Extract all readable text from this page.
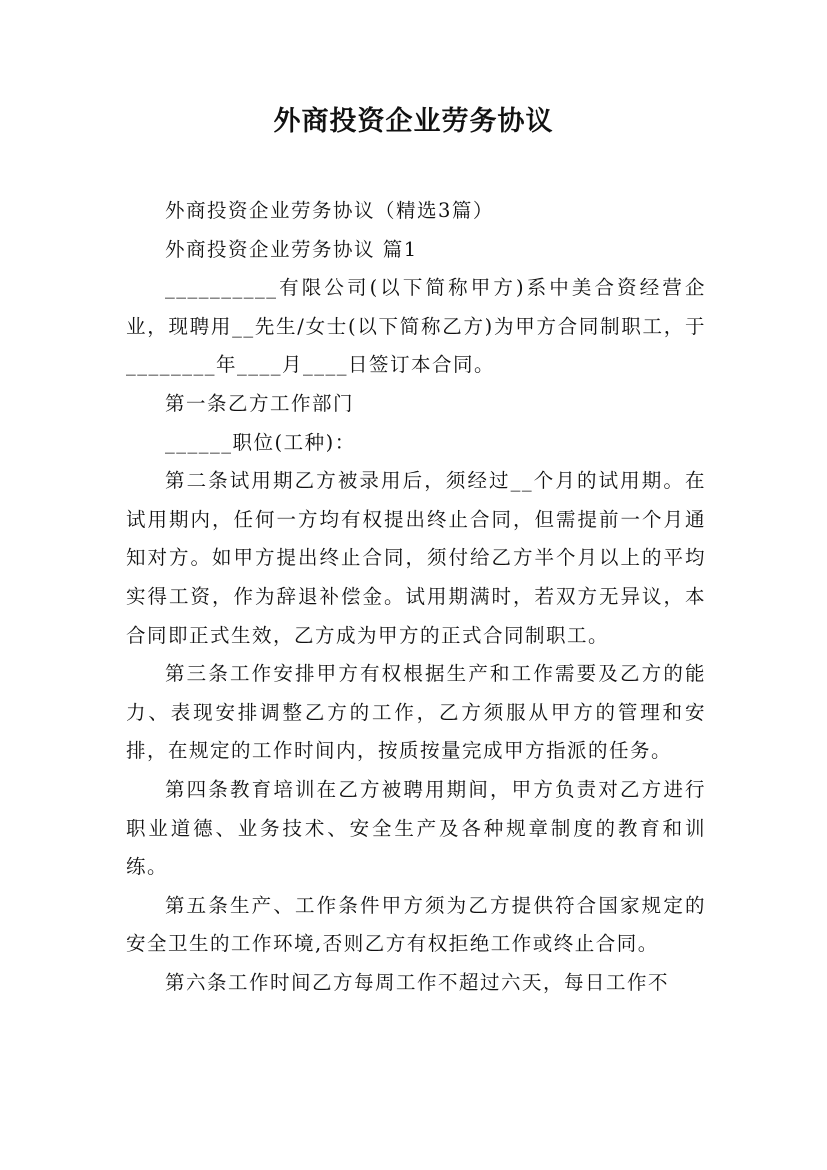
外商投资企业劳务协议

外商投资企业劳务协议（精选3篇）

外商投资企业劳务协议 篇1

__________有限公司(以下简称甲方)系中美合资经营企业，现聘用__先生/女士(以下简称乙方)为甲方合同制职工，于________年____月____日签订本合同。

第一条乙方工作部门

______职位(工种)：

第二条试用期乙方被录用后，须经过__个月的试用期。在试用期内，任何一方均有权提出终止合同，但需提前一个月通知对方。如甲方提出终止合同，须付给乙方半个月以上的平均实得工资，作为辞退补偿金。试用期满时，若双方无异议，本合同即正式生效，乙方成为甲方的正式合同制职工。

第三条工作安排甲方有权根据生产和工作需要及乙方的能力、表现安排调整乙方的工作，乙方须服从甲方的管理和安排，在规定的工作时间内，按质按量完成甲方指派的任务。

第四条教育培训在乙方被聘用期间，甲方负责对乙方进行职业道德、业务技术、安全生产及各种规章制度的教育和训练。

第五条生产、工作条件甲方须为乙方提供符合国家规定的安全卫生的工作环境,否则乙方有权拒绝工作或终止合同。

第六条工作时间乙方每周工作不超过六天，每日工作不
